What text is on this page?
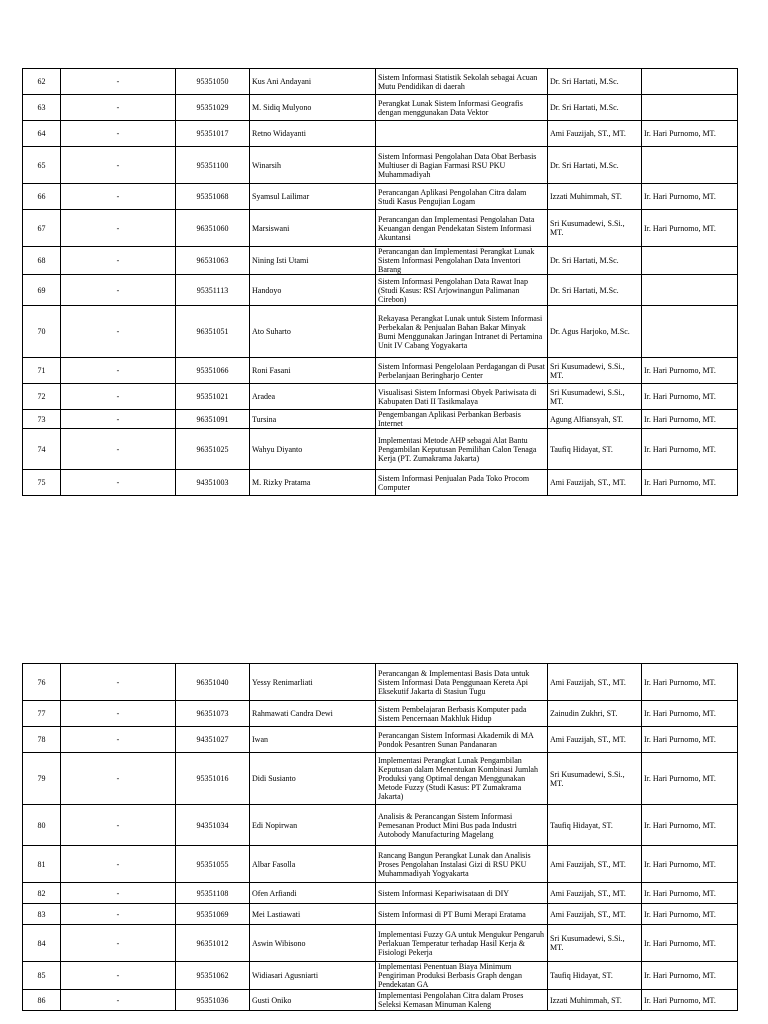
62	-	95351050	Kus Ani Andayani	Sistem Informasi Statistik Sekolah sebagai Acuan Mutu Pendidikan di daerah	Dr. Sri Hartati, M.Sc.	
63	-	95351029	M. Sidiq Mulyono	Perangkat Lunak Sistem Informasi Geografis dengan menggunakan Data Vektor	Dr. Sri Hartati, M.Sc.	
64	-	95351017	Retno Widayanti		Ami Fauzijah, ST., MT.	Ir. Hari Purnomo, MT.
65	-	95351100	Winarsih	Sistem Informasi Pengolahan Data Obat Berbasis Multiuser di Bagian Farmasi RSU PKU Muhammadiyah	Dr. Sri Hartati, M.Sc.	
66	-	95351068	Syamsul Lailimar	Perancangan Aplikasi Pengolahan Citra dalam Studi Kasus Pengujian Logam	Izzati Muhimmah, ST.	Ir. Hari Purnomo, MT.
67	-	96351060	Marsiswani	Perancangan dan Implementasi Pengolahan Data Keuangan dengan Pendekatan Sistem Informasi Akuntansi	Sri Kusumadewi, S.Si., MT.	Ir. Hari Purnomo, MT.
68	-	96531063	Nining Isti Utami	Perancangan dan Implementasi Perangkat Lunak Sistem Informasi Pengolahan Data Inventori Barang	Dr. Sri Hartati, M.Sc.	
69	-	95351113	Handoyo	Sistem Informasi Pengolahan Data Rawat Inap (Studi Kasus: RSI Arjowinangun Palimanan Cirebon)	Dr. Sri Hartati, M.Sc.	
70	-	96351051	Ato Suharto	Rekayasa Perangkat Lunak untuk Sistem Informasi Perbekalan & Penjualan Bahan Bakar Minyak Bumi Menggunakan Jaringan Intranet di Pertamina Unit IV Cabang Yogyakarta	Dr. Agus Harjoko, M.Sc.	
71	-	95351066	Roni Fasani	Sistem Informasi Pengelolaan Perdagangan di Pusat Perbelanjaan Beringharjo Center	Sri Kusumadewi, S.Si., MT.	Ir. Hari Purnomo, MT.
72	-	95351021	Aradea	Visualisasi Sistem Informasi Obyek Pariwisata di Kabupaten Dati II Tasikmalaya	Sri Kusumadewi, S.Si., MT.	Ir. Hari Purnomo, MT.
73	-	96351091	Tursina	Pengembangan Aplikasi Perbankan Berbasis Internet	Agung Alfiansyah, ST.	Ir. Hari Purnomo, MT.
74	-	96351025	Wahyu Diyanto	Implementasi Metode AHP sebagai Alat Bantu Pengambilan Keputusan Pemilihan Calon Tenaga Kerja (PT. Zumakrama Jakarta)	Taufiq Hidayat, ST.	Ir. Hari Purnomo, MT.
75	-	94351003	M. Rizky Pratama	Sistem Informasi Penjualan Pada Toko Procom Computer	Ami Fauzijah, ST., MT.	Ir. Hari Purnomo, MT.
76	-	96351040	Yessy Renimarliati	Perancangan & Implementasi Basis Data untuk Sistem Informasi Data Penggunaan Kereta Api Eksekutif Jakarta di Stasiun Tugu	Ami Fauzijah, ST., MT.	Ir. Hari Purnomo, MT.
77	-	96351073	Rahmawati Candra Dewi	Sistem Pembelajaran Berbasis Komputer pada Sistem Pencernaan Makhluk Hidup	Zainudin Zukhri, ST.	Ir. Hari Purnomo, MT.
78	-	94351027	Iwan	Perancangan Sistem Informasi Akademik di MA Pondok Pesantren Sunan Pandanaran	Ami Fauzijah, ST., MT.	Ir. Hari Purnomo, MT.
79	-	95351016	Didi Susianto	Implementasi Perangkat Lunak Pengambilan Keputusan dalam Menentukan Kombinasi Jumlah Produksi yang Optimal dengan Menggunakan Metode Fuzzy (Studi Kasus: PT Zumakrama Jakarta)	Sri Kusumadewi, S.Si., MT.	Ir. Hari Purnomo, MT.
80	-	94351034	Edi Nopirwan	Analisis & Perancangan Sistem Informasi Pemesanan Product Mini Bus pada Industri Autobody Manufacturing Magelang	Taufiq Hidayat, ST.	Ir. Hari Purnomo, MT.
81	-	95351055	Albar Fasolla	Rancang Bangun Perangkat Lunak dan Analisis Proses Pengolahan Instalasi Gizi di RSU PKU Muhammadiyah Yogyakarta	Ami Fauzijah, ST., MT.	Ir. Hari Purnomo, MT.
82	-	95351108	Ofen Arfiandi	Sistem Informasi Kepariwisataan di DIY	Ami Fauzijah, ST., MT.	Ir. Hari Purnomo, MT.
83	-	95351069	Mei Lastiawati	Sistem Informasi di PT Bumi Merapi Eratama	Ami Fauzijah, ST., MT.	Ir. Hari Purnomo, MT.
84	-	96351012	Aswin Wibisono	Implementasi Fuzzy GA untuk Mengukur Pengaruh Perlakuan Temperatur terhadap Hasil Kerja & Fisiologi Pekerja	Sri Kusumadewi, S.Si., MT.	Ir. Hari Purnomo, MT.
85	-	95351062	Widiasari Agusniarti	Implementasi Penentuan Biaya Minimum Pengiriman Produksi Berbasis Graph dengan Pendekatan GA	Taufiq Hidayat, ST.	Ir. Hari Purnomo, MT.
86	-	95351036	Gusti Oniko	Implementasi Pengolahan Citra dalam Proses Seleksi Kemasan Minuman Kaleng	Izzati Muhimmah, ST.	Ir. Hari Purnomo, MT.
